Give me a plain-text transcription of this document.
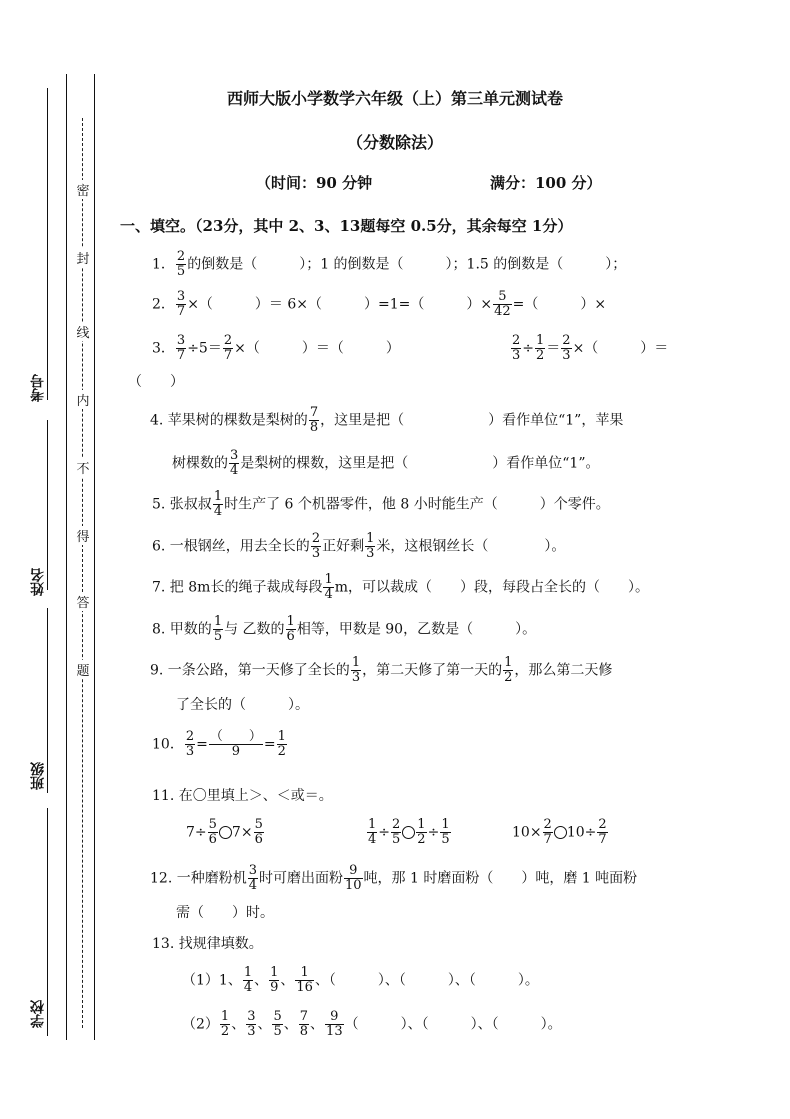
密
封
线
内
不
得
答
题
考号
姓名
班级
学校
西师大版小学数学六年级（上）第三单元测试卷
（分数除法）
（时间：90 分钟	满分：100 分）
一、填空。（23分，其中 2、3、13题每空 0.5分，其余每空 1分）
1． $\frac{2}{5}$ 的倒数是（　　　）；1 的倒数是（　　　）；1.5 的倒数是（　　　）；
2． $\frac{3}{7}$ ×（　　　）＝ 6×（　　　）=1=（　　　）× $\frac{5}{42}$ =（　　　）×
3． $\frac{3}{7} \div 5= \frac{2}{7}$ ×（　　　）＝（　　　）	$\frac{2}{3} \div \frac{1}{2} = \frac{2}{3}$ ×（　　　）＝
（　　）
4. 苹果树的棵数是梨树的 $\frac{7}{8}$ ，这里是把（　　　　　　）看作单位“1”，苹果
树棵数的 $\frac{3}{4}$ 是梨树的棵数，这里是把（　　　　　　）看作单位“1”。
5. 张叔叔 $\frac{1}{4}$ 时生产了 6 个机器零件，他 8 小时能生产（　　　）个零件。
6. 一根钢丝，用去全长的 $\frac{2}{3}$ 正好剩 $\frac{1}{3}$ 米，这根钢丝长（　　　　）。
7. 把 8m长的绳子裁成每段 $\frac{1}{4}$ m，可以裁成（　　）段，每段占全长的（　　）。
8. 甲数的 $\frac{1}{5}$ 与 乙数的 $\frac{1}{6}$ 相等，甲数是 90，乙数是（　　　）。
9. 一条公路，第一天修了全长的 $\frac{1}{3}$ ，第二天修了第一天的 $\frac{1}{2}$ ，那么第二天修
了全长的（　　　）。
10． $\frac{2}{3} = \frac{( )}{9} = \frac{1}{2}$
11. 在〇里填上＞、＜或＝。
$7\div \frac{5}{6} 7\times \frac{5}{6}$	$\frac{1}{4} \div \frac{2}{5} \frac{1}{2} \div \frac{1}{5}$	$10\times \frac{2}{7} 10\div \frac{2}{7}$
12. 一种磨粉机 $\frac{3}{4}$ 时可磨出面粉 $\frac{9}{10}$ 吨，那 1 时磨面粉（　　）吨，磨 1 吨面粉
需（　　）时。
13. 找规律填数。
（1）1、 $\frac{1}{4}$ 、 $\frac{1}{9}$ 、 $\frac{1}{16}$ 、（　　　）、（　　　）、（　　　）。
$(2) \frac{1}{2}$ 、 $\frac{3}{3}$ 、 $\frac{5}{5}$ 、 $\frac{7}{8}$ 、 $\frac{9}{13}$ （　　　）、（　　　）、（　　　）。
